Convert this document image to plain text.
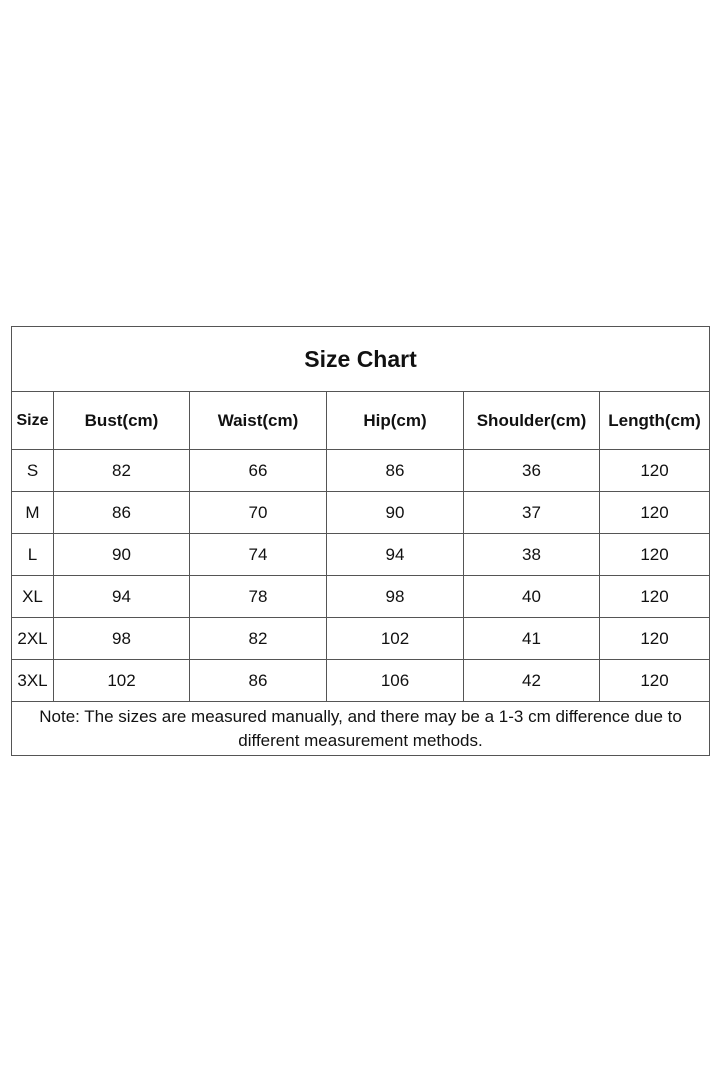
Size Chart					
Size	Bust(cm)	Waist(cm)	Hip(cm)	Shoulder(cm)	Length(cm)
S	82	66	86	36	120
M	86	70	90	37	120
L	90	74	94	38	120
XL	94	78	98	40	120
2XL	98	82	102	41	120
3XL	102	86	106	42	120
Note: The sizes are measured manually, and there may be a 1-3 cm difference due to different measurement methods.					
